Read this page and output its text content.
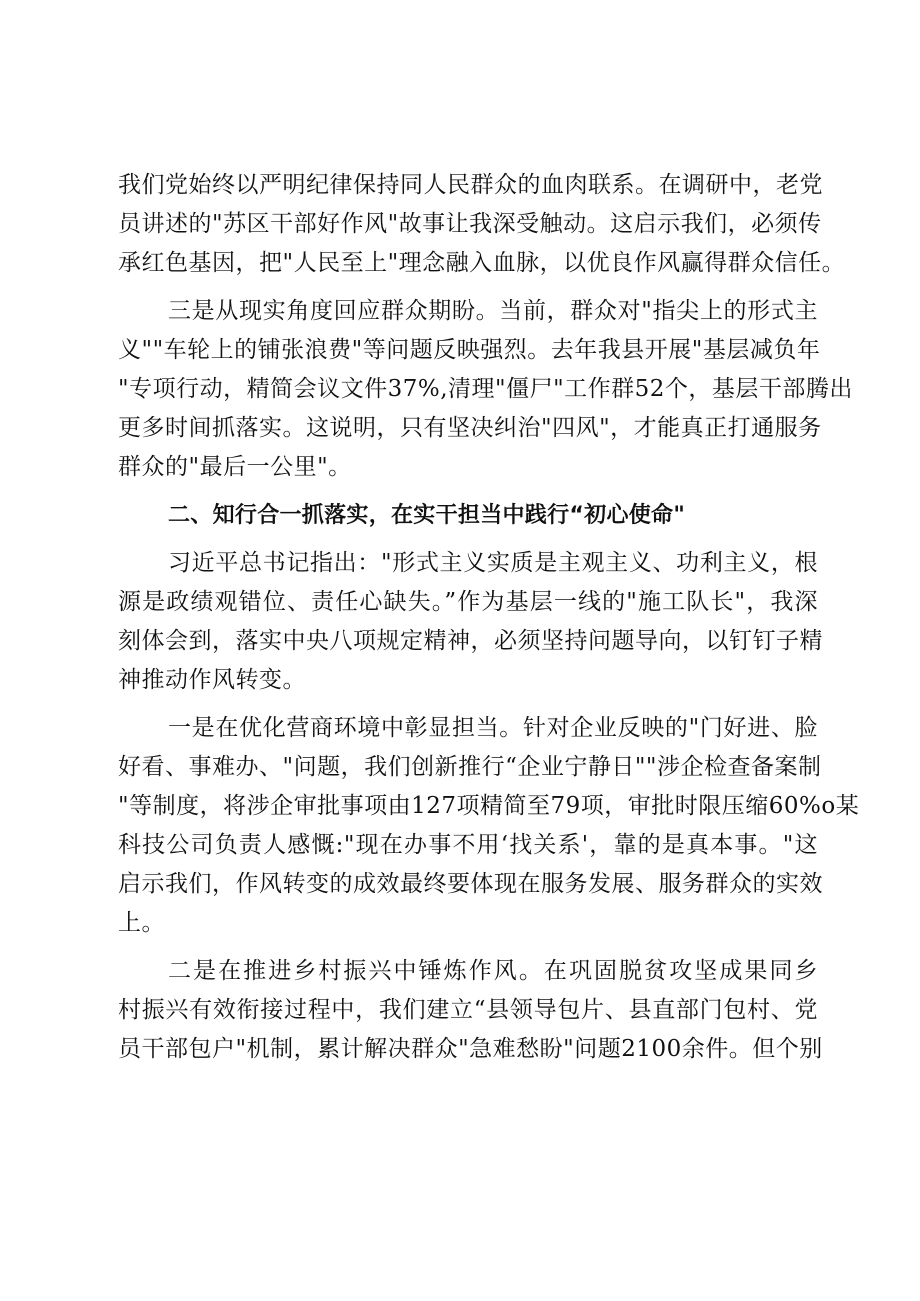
我们党始终以严明纪律保持同人民群众的血肉联系。在调研中，老党
员讲述的"苏区干部好作风"故事让我深受触动。这启示我们，必须传
承红色基因，把"人民至上"理念融入血脉，以优良作风赢得群众信任。
三是从现实角度回应群众期盼。当前，群众对"指尖上的形式主
义""车轮上的铺张浪费"等问题反映强烈。去年我县开展"基层减负年
"专项行动，精简会议文件37%,清理"僵尸"工作群52个，基层干部腾出
更多时间抓落实。这说明，只有坚决纠治"四风"，才能真正打通服务
群众的"最后一公里"。
二、知行合一抓落实，在实干担当中践行“初心使命"
习近平总书记指出："形式主义实质是主观主义、功利主义，根
源是政绩观错位、责任心缺失。”作为基层一线的"施工队长"，我深
刻体会到，落实中央八项规定精神，必须坚持问题导向，以钉钉子精
神推动作风转变。
一是在优化营商环境中彰显担当。针对企业反映的"门好进、脸
好看、事难办、"问题，我们创新推行“企业宁静日""涉企检查备案制
"等制度，将涉企审批事项由127项精简至79项，审批时限压缩60%o某
科技公司负责人感慨:"现在办事不用‘找关系'，靠的是真本事。"这
启示我们，作风转变的成效最终要体现在服务发展、服务群众的实效
上。
二是在推进乡村振兴中锤炼作风。在巩固脱贫攻坚成果同乡
村振兴有效衔接过程中，我们建立“县领导包片、县直部门包村、党
员干部包户"机制，累计解决群众"急难愁盼"问题2100余件。但个别
